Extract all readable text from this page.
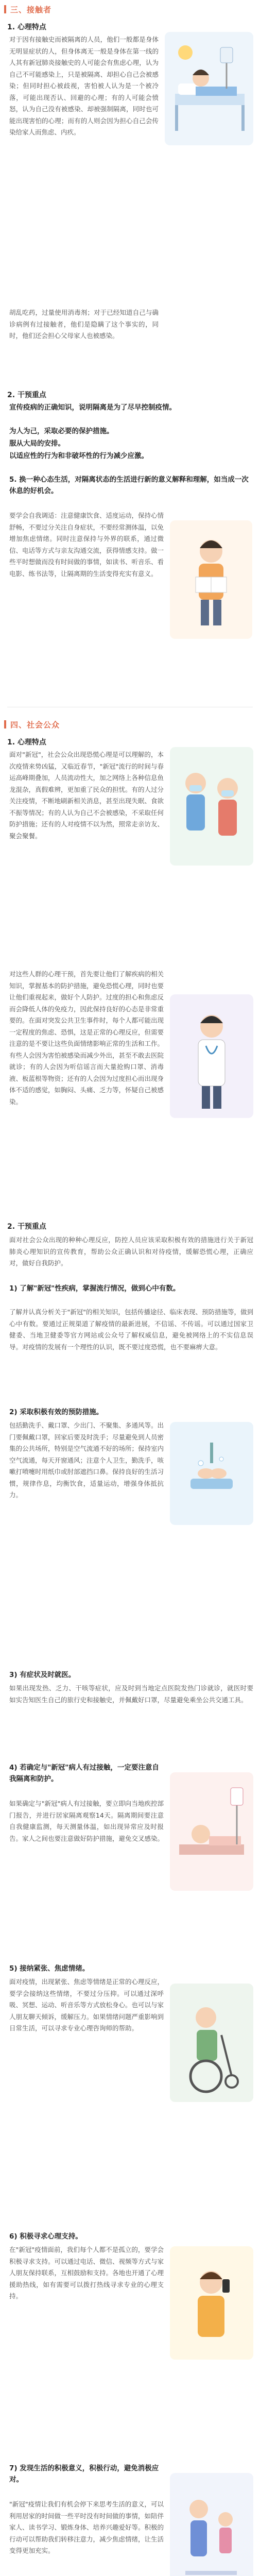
三、接触者
1. 心理特点
对于因有接触史而被隔离的人员，他们一般都是身体无明显症状的人，但身体离无一般是身体在第一线的人其有新冠肺炎接触史的人可能会有焦虑心理，认为自己不可能感染上，只是被隔离、却担心自己会被感染；但同时担心被歧视，害怕被人认为是一个被冷落，可能出现否认、回避的心理；有的人可能会愤怒，认为自己没有被感染、却被强制隔离，同时也可能出现害怕的心理；而有的人则会因为担心自己会传染给家人而焦虑、内疚。
胡乱吃药，过量使用消毒剂；对于已经知道自己与确诊病例有过接触者，他们是隐瞒了这个事实的，同时，他们还会担心父母家人也被感染。
2. 干预重点
宣传疫病的正确知识，说明隔离是为了尽早控制疫情。
为人为己，采取必要的保护措施。
服从大局的安排。
以适应性的行为和非破坏性的行为减少应激。
5. 换一种心态生活，对隔离状态的生活进行新的意义解释和理解，如当成一次休息的好机会。
要学会自我调适：注意健康饮食、适度运动，保持心情舒畅，不要过分关注自身症状，不要经常测体温，以免增加焦虑情绪。同时注意保持与外界的联系，通过微信、电话等方式与亲友沟通交流，获得情感支持。做一些平时想做而没有时间做的事情，如读书、听音乐、看电影、练书法等，让隔离期的生活变得充实有意义。
四、社会公众
1. 心理特点
面对"新冠"，社会公众出现恐慌心理是可以理解的，本次疫情来势凶猛，又临近春节，"新冠"流行的时间与春运高峰期叠加，人员流动性大，加之网络上各种信息鱼龙混杂，真假难辨，更加重了民众的担忧。有的人过分关注疫情，不断地刷新相关消息，甚至出现失眠、食欲不振等情况；有的人认为自己不会被感染，不采取任何防护措施；还有的人对疫情不以为然，照常走亲访友、聚会聚餐。
对这些人群的心理干预，首先要让他们了解疾病的相关知识，掌握基本的防护措施，避免恐慌心理，同时也要让他们重视起来，做好个人防护。过度的担心和焦虑反而会降低人体的免疫力，因此保持良好的心态是非常重要的。在面对突发公共卫生事件时，每个人都可能出现一定程度的焦虑、恐惧，这是正常的心理反应，但需要注意的是不要让这些负面情绪影响正常的生活和工作。有些人会因为害怕被感染而减少外出，甚至不敢去医院就诊；有的人会因为听信谣言而大量抢购口罩、消毒液、板蓝根等物资；还有的人会因为过度担心而出现身体不适的感觉，如胸闷、头痛、乏力等，怀疑自己被感染。
2. 干预重点
面对社会公众出现的种种心理反应，防控人员应该采取积极有效的措施进行关于新冠肺炎心理知识的宣传教育，帮助公众正确认识和对待疫情，缓解恐慌心理，正确应对，做好自我防护。
1) 了解"新冠"性疾病，掌握流行情况，做到心中有数。
了解并认真分析关于"新冠"的相关知识，包括传播途径、临床表现、预防措施等，做到心中有数。要通过正规渠道了解疫情的最新进展，不信谣、不传谣。可以通过国家卫健委、当地卫健委等官方网站或公众号了解权威信息，避免被网络上的不实信息误导。对疫情的发展有一个理性的认识，既不要过度恐慌，也不要麻痹大意。
2) 采取积极有效的预防措施。
包括勤洗手、戴口罩、少出门、不聚集、多通风等。出门要佩戴口罩，回家后要及时洗手；尽量避免到人员密集的公共场所，特别是空气流通不好的场所；保持室内空气流通，每天开窗通风；注意个人卫生，勤洗手，咳嗽打喷嚏时用纸巾或肘部遮挡口鼻。保持良好的生活习惯，规律作息，均衡饮食，适量运动，增强身体抵抗力。
3) 有症状及时就医。
如果出现发热、乏力、干咳等症状，应及时到当地定点医院发热门诊就诊，就医时要如实告知医生自己的旅行史和接触史，并佩戴好口罩，尽量避免乘坐公共交通工具。
4) 若确定与"新冠"病人有过接触，一定要注意自我隔离和防护。
如果确定与"新冠"病人有过接触，要立即向当地疾控部门报告，并进行居家隔离观察14天。隔离期间要注意自我健康监测，每天测量体温，如出现异常应及时报告。家人之间也要注意做好防护措施，避免交叉感染。
5) 接纳紧张、焦虑情绪。
面对疫情，出现紧张、焦虑等情绪是正常的心理反应，要学会接纳这些情绪，不要过分压抑。可以通过深呼吸、冥想、运动、听音乐等方式放松身心。也可以与家人朋友聊天倾诉，缓解压力。如果情绪问题严重影响到日常生活，可以寻求专业心理咨询师的帮助。
6) 积极寻求心理支持。
在"新冠"疫情面前，我们每个人都不是孤立的，要学会积极寻求支持。可以通过电话、微信、视频等方式与家人朋友保持联系，互相鼓励和支持。各地也开通了心理援助热线，如有需要可以拨打热线寻求专业的心理支持。
7) 发现生活的积极意义，积极行动，避免消极应对。
"新冠"疫情让我们有机会停下来思考生活的意义，可以利用居家的时间做一些平时没有时间做的事情，如陪伴家人、读书学习、锻炼身体、培养兴趣爱好等。积极的行动可以帮助我们转移注意力，减少焦虑情绪，让生活变得更加充实。
